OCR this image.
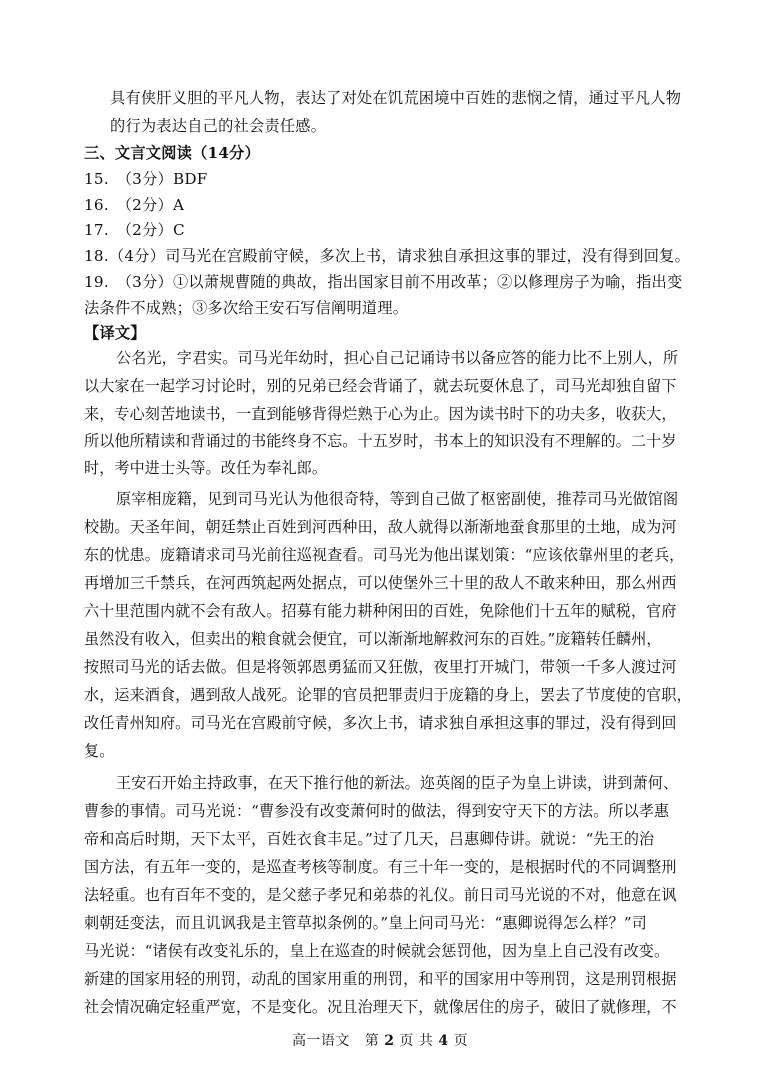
具有侠肝义胆的平凡人物，表达了对处在饥荒困境中百姓的悲悯之情，通过平凡人物
的行为表达自己的社会责任感。
三、文言文阅读（14分）
15.　（3分）BDF
16.　（2分）A
17.　（2分）C
18.（4分）司马光在宫殿前守候，多次上书，请求独自承担这事的罪过，没有得到回复。
19.　（3分）①以萧规曹随的典故，指出国家目前不用改革；②以修理房子为喻，指出变
法条件不成熟；③多次给王安石写信阐明道理。
【译文】
公名光，字君实。司马光年幼时，担心自己记诵诗书以备应答的能力比不上别人，所
以大家在一起学习讨论时，别的兄弟已经会背诵了，就去玩耍休息了，司马光却独自留下
来，专心刻苦地读书，一直到能够背得烂熟于心为止。因为读书时下的功夫多，收获大，
所以他所精读和背诵过的书能终身不忘。十五岁时，书本上的知识没有不理解的。二十岁
时，考中进士头等。改任为奉礼郎。
原宰相庞籍，见到司马光认为他很奇特，等到自己做了枢密副使，推荐司马光做馆阁
校勘。天圣年间，朝廷禁止百姓到河西种田，敌人就得以渐渐地蚕食那里的土地，成为河
东的忧患。庞籍请求司马光前往巡视查看。司马光为他出谋划策：“应该依靠州里的老兵，
再增加三千禁兵，在河西筑起两处据点，可以使堡外三十里的敌人不敢来种田，那么州西
六十里范围内就不会有敌人。招募有能力耕种闲田的百姓，免除他们十五年的赋税，官府
虽然没有收入，但卖出的粮食就会便宜，可以渐渐地解救河东的百姓。”庞籍转任麟州，
按照司马光的话去做。但是将领郭恩勇猛而又狂傲，夜里打开城门，带领一千多人渡过河
水，运来酒食，遇到敌人战死。论罪的官员把罪责归于庞籍的身上，罢去了节度使的官职，
改任青州知府。司马光在宫殿前守候，多次上书，请求独自承担这事的罪过，没有得到回
复。
王安石开始主持政事，在天下推行他的新法。迩英阁的臣子为皇上讲读，讲到萧何、
曹参的事情。司马光说：“曹参没有改变萧何时的做法，得到安守天下的方法。所以孝惠
帝和高后时期，天下太平，百姓衣食丰足。”过了几天，吕惠卿侍讲。就说：“先王的治
国方法，有五年一变的，是巡查考核等制度。有三十年一变的，是根据时代的不同调整刑
法轻重。也有百年不变的，是父慈子孝兄和弟恭的礼仪。前日司马光说的不对，他意在讽
刺朝廷变法，而且讥讽我是主管草拟条例的。”皇上问司马光：“惠卿说得怎么样？”司
马光说：“诸侯有改变礼乐的，皇上在巡查的时候就会惩罚他，因为皇上自己没有改变。
新建的国家用轻的刑罚，动乱的国家用重的刑罚，和平的国家用中等刑罚，这是刑罚根据
社会情况确定轻重严宽，不是变化。况且治理天下，就像居住的房子，破旧了就修理，不
高一语文 第 2 页 共 4 页
